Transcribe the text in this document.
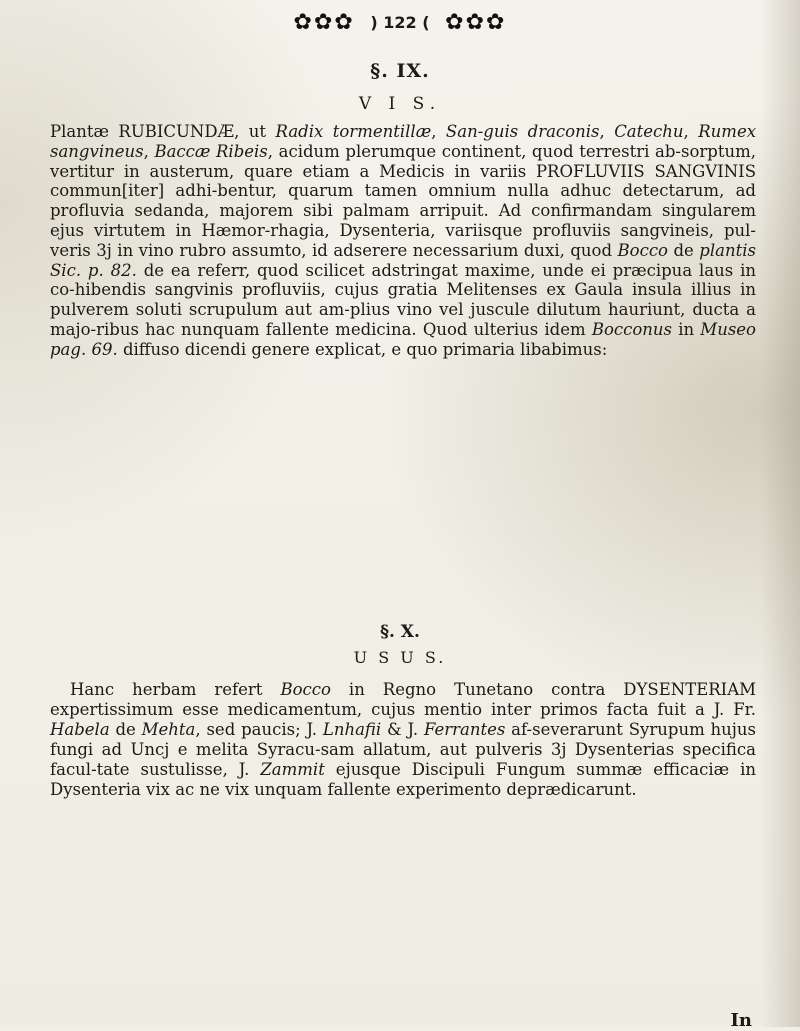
✿✿✿ ) 122 ( ✿✿✿
§. IX.
V I S.

Plantæ RUBICUNDÆ, ut Radix tormentillæ, San-guis draconis, Catechu, Rumex sangvineus, Baccæ Ribeis, acidum plerumque continent, quod terrestri ab-sorptum, vertitur in austerum, quare etiam a Medicis in variis PROFLUVIIS SANGVINIS commun[iter] adhi-bentur, quarum tamen omnium nulla adhuc detectarum, ad profluvia sedanda, majorem sibi palmam arripuit. Ad confirmandam singularem ejus virtutem in Hæmor-rhagia, Dysenteria, variisque profluviis sangvineis, pul-veris 3j in vino rubro assumto, id adserere necessarium duxi, quod Bocco de plantis Sic. p. 82. de ea referr, quod scilicet adstringat maxime, unde ei præcipua laus in co-hibendis sangvinis profluviis, cujus gratia Melitenses ex Gaula insula illius in pulverem soluti scrupulum aut am-plius vino vel juscule dilutum hauriunt, ducta a majo-ribus hac nunquam fallente medicina. Quod ulterius idem Bocconus in Museo pag. 69. diffuso dicendi genere explicat, e quo primaria libabimus:

§. X.
U S U S.

Hanc herbam refert Bocco in Regno Tunetano contra DYSENTERIAM expertissimum esse medicamentum, cujus mentio inter primos facta fuit a J. Fr. Habela de Mehta, sed paucis; J. Lnhafii & J. Ferrantes af-severarunt Syrupum hujus fungi ad Uncj e melita Syracu-sam allatum, aut pulveris 3j Dysenterias specifica facul-tate sustulisse, J. Zammit ejusque Discipuli Fungum summæ efficaciæ in Dysenteria vix ac ne vix unquam fallente experimento deprædicarunt.

In
